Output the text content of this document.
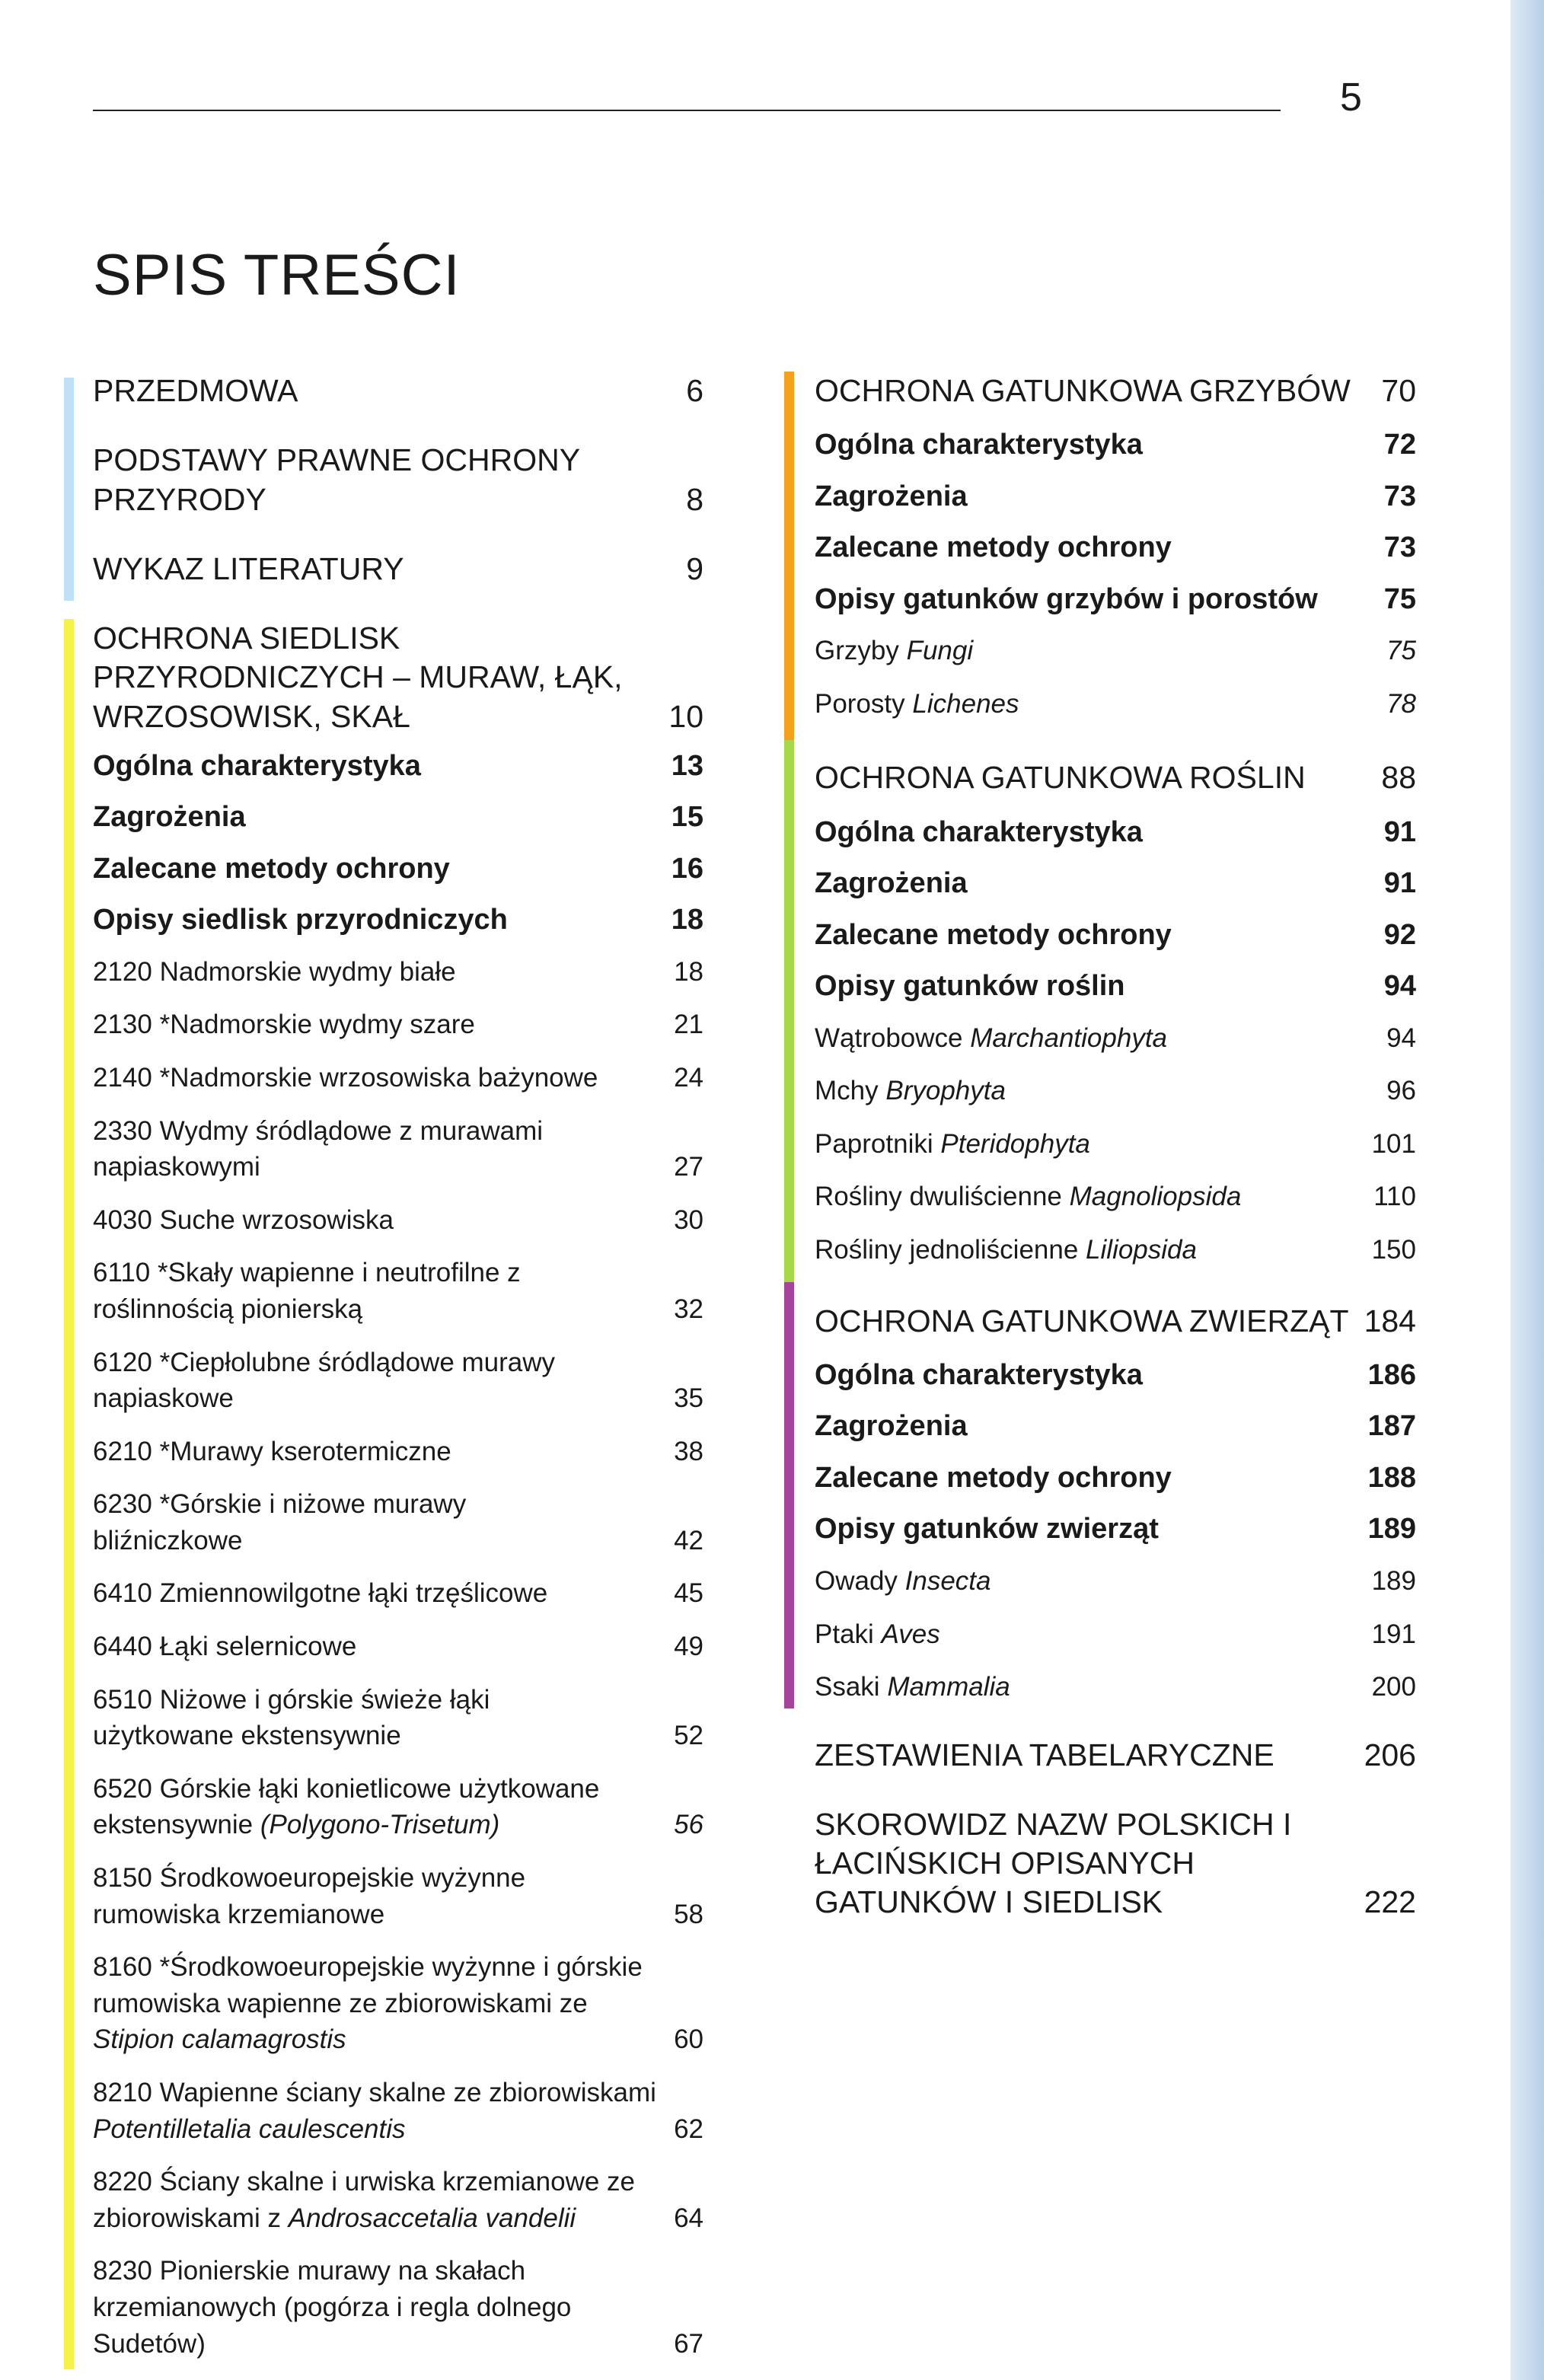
5
SPIS TREŚCI
PRZEDMOWA	6
PODSTAWY PRAWNE OCHRONY PRZYRODY	8
WYKAZ LITERATURY	9
OCHRONA SIEDLISK PRZYRODNICZYCH – MURAW, ŁĄK, WRZOSOWISK, SKAŁ	10
Ogólna charakterystyka	13
Zagrożenia	15
Zalecane metody ochrony	16
Opisy siedlisk przyrodniczych	18
2120 Nadmorskie wydmy białe	18
2130 *Nadmorskie wydmy szare	21
2140 *Nadmorskie wrzosowiska bażynowe	24
2330 Wydmy śródlądowe z murawami napiaskowymi	27
4030 Suche wrzosowiska	30
6110 *Skały wapienne i neutrofilne z roślinnością pionierską	32
6120 *Ciepłolubne śródlądowe murawy napiaskowe	35
6210 *Murawy kserotermiczne	38
6230 *Górskie i niżowe murawy bliźniczkowe	42
6410 Zmiennowilgotne łąki trzęślicowe	45
6440 Łąki selernicowe	49
6510 Niżowe i górskie świeże łąki użytkowane ekstensywnie	52
6520 Górskie łąki konietlicowe użytkowane ekstensywnie (Polygono-Trisetum)	56
8150 Środkowoeuropejskie wyżynne rumowiska krzemianowe	58
8160 *Środkowoeuropejskie wyżynne i górskie rumowiska wapienne ze zbiorowiskami ze Stipion calamagrostis	60
8210 Wapienne ściany skalne ze zbiorowiskami Potentilletalia caulescentis	62
8220 Ściany skalne i urwiska krzemianowe ze zbiorowiskami z Androsaccetalia vandelii	64
8230 Pionierskie murawy na skałach krzemianowych (pogórza i regla dolnego Sudetów)	67
OCHRONA GATUNKOWA GRZYBÓW 70
Ogólna charakterystyka	72
Zagrożenia	73
Zalecane metody ochrony	73
Opisy gatunków grzybów i porostów	75
Grzyby Fungi	75
Porosty Lichenes	78
OCHRONA GATUNKOWA ROŚLIN	88
Ogólna charakterystyka	91
Zagrożenia	91
Zalecane metody ochrony	92
Opisy gatunków roślin	94
Wątrobowce Marchantiophyta	94
Mchy Bryophyta	96
Paprotniki Pteridophyta	101
Rośliny dwuliścienne Magnoliopsida	110
Rośliny jednoliścienne Liliopsida	150
OCHRONA GATUNKOWA ZWIERZĄT 184
Ogólna charakterystyka	186
Zagrożenia	187
Zalecane metody ochrony	188
Opisy gatunków zwierząt	189
Owady Insecta	189
Ptaki Aves	191
Ssaki Mammalia	200
ZESTAWIENIA TABELARYCZNE	206
SKOROWIDZ NAZW POLSKICH I ŁACIŃSKICH OPISANYCH GATUNKÓW I SIEDLISK	222
